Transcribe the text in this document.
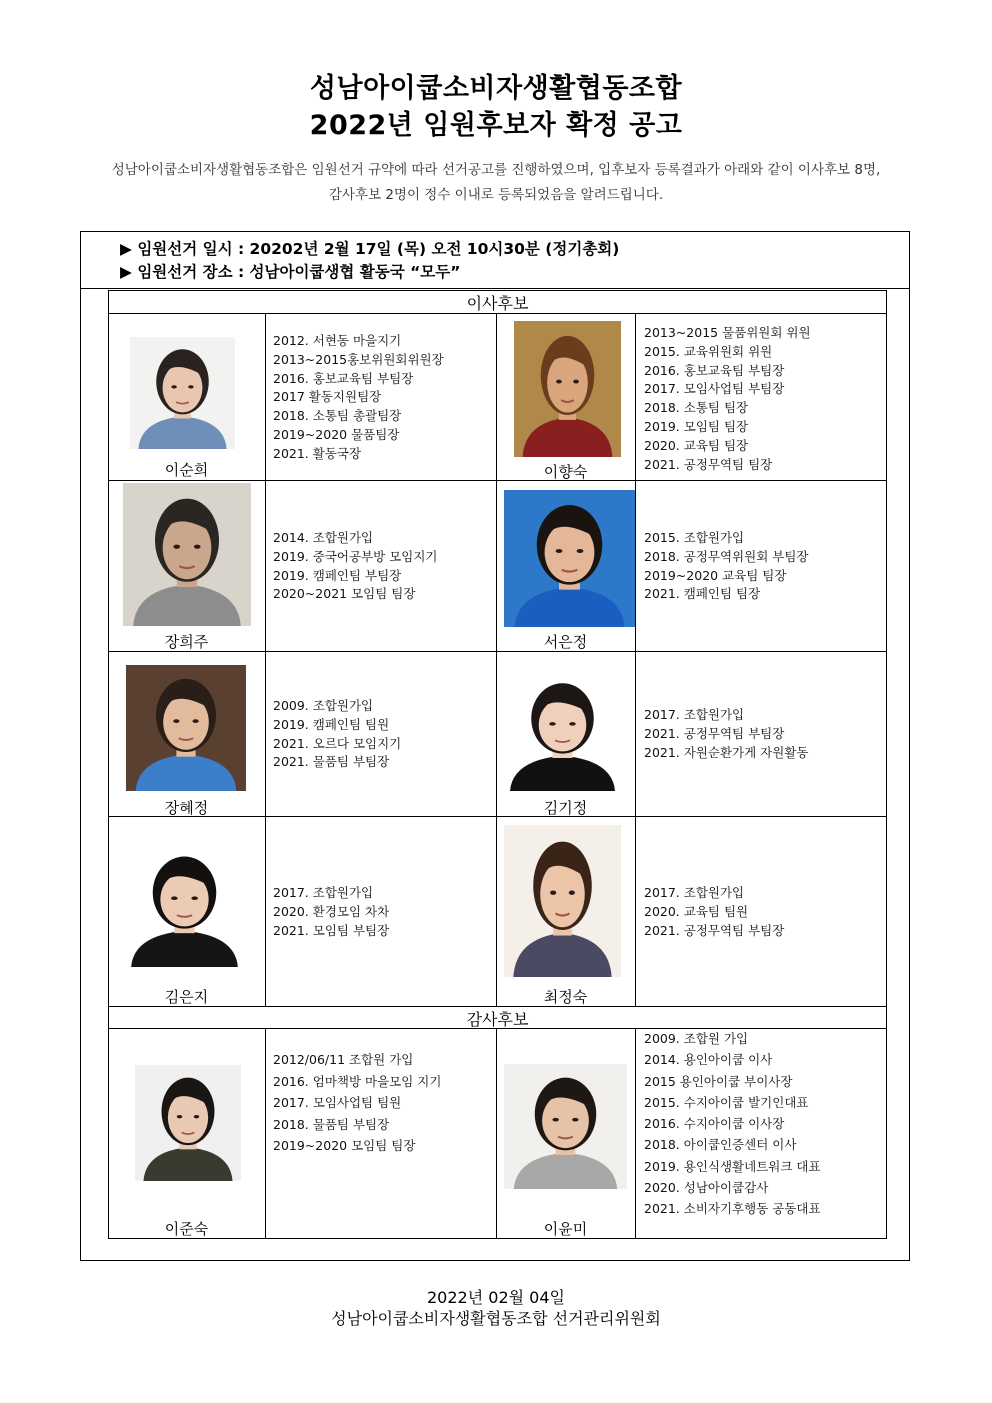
성남아이쿱소비자생활협동조합
2022년 임원후보자 확정 공고
성남아이쿱소비자생활협동조합은 임원선거 규약에 따라 선거공고를 진행하였으며, 입후보자 등록결과가 아래와 같이 이사후보 8명,
감사후보 2명이 정수 이내로 등록되었음을 알려드립니다.
▶ 임원선거 일시 : 20202년 2월 17일 (목) 오전 10시30분 (정기총회)
▶ 임원선거 장소 : 성남아이쿱생협 활동국 “모두”
이사후보
감사후보
이순희
2012. 서현동 마을지기
2013~2015홍보위원회위원장
2016. 홍보교육팀 부팀장
2017 활동지원팀장
2018. 소통팀 총괄팀장
2019~2020 물품팀장
2021. 활동국장
이향숙
2013~2015 물품위원회 위원
2015. 교육위원회 위원
2016. 홍보교육팀 부팀장
2017. 모임사업팀 부팀장
2018. 소통팀 팀장
2019. 모임팀 팀장
2020. 교육팀 팀장
2021. 공정무역팀 팀장
장희주
2014. 조합원가입
2019. 중국어공부방 모임지기
2019. 캠페인팀 부팀장
2020~2021 모임팀 팀장
서은정
2015. 조합원가입
2018. 공정무역위원회 부팀장
2019~2020 교육팀 팀장
2021. 캠페인팀 팀장
장혜정
2009. 조합원가입
2019. 캠페인팀 팀원
2021. 오르다 모임지기
2021. 물품팀 부팀장
김기정
2017. 조합원가입
2021. 공정무역팀 부팀장
2021. 자원순환가게 자원활동
김은지
2017. 조합원가입
2020. 환경모임 차차
2021. 모임팀 부팀장
최정숙
2017. 조합원가입
2020. 교육팀 팀원
2021. 공정무역팀 부팀장
이준숙
2012/06/11 조합원 가입
2016. 엄마책방 마을모임 지기
2017. 모임사업팀 팀원
2018. 물품팀 부팀장
2019~2020 모임팀 팀장
이윤미
2009. 조합원 가입
2014. 용인아이쿱 이사
2015 용인아이쿱 부이사장
2015. 수지아이쿱 발기인대표
2016. 수지아이쿱 이사장
2018. 아이쿱인증센터 이사
2019. 용인식생활네트워크 대표
2020. 성남아이쿱감사
2021. 소비자기후행동 공동대표
2022년 02월 04일
성남아이쿱소비자생활협동조합 선거관리위원회
